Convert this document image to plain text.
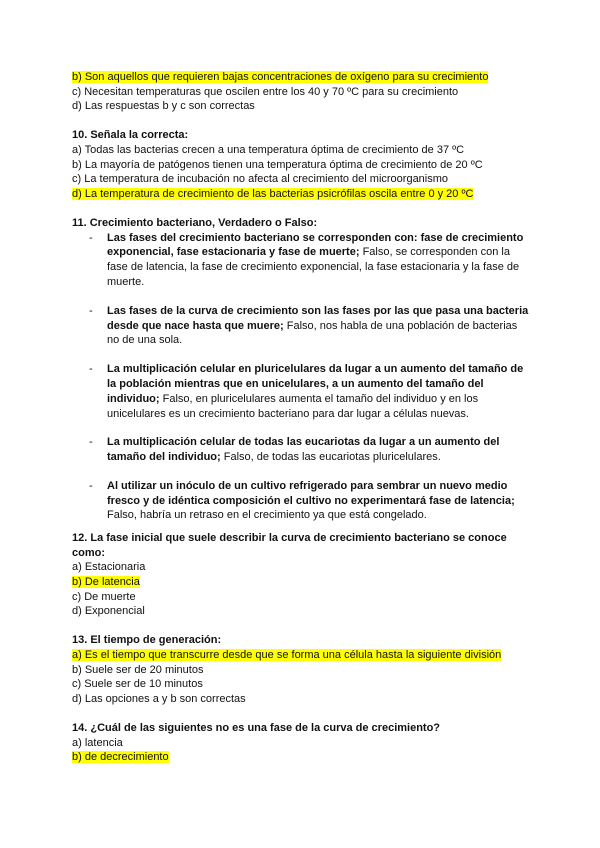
b) Son aquellos que requieren bajas concentraciones de oxígeno para su crecimiento
c) Necesitan temperaturas que oscilen entre los 40 y 70 ºC para su crecimiento
d) Las respuestas b y c son correctas
10. Señala la correcta:
a) Todas las bacterias crecen a una temperatura óptima de crecimiento de 37 ºC
b) La mayoría de patógenos tienen una temperatura óptima de crecimiento de 20 ºC
c) La temperatura de incubación no afecta al crecimiento del microorganismo
d) La temperatura de crecimiento de las bacterias psicrófilas oscila entre 0 y 20 ºC
11. Crecimiento bacteriano, Verdadero o Falso:
- Las fases del crecimiento bacteriano se corresponden con: fase de crecimiento exponencial, fase estacionaria y fase de muerte; Falso, se corresponden con la fase de latencia, la fase de crecimiento exponencial, la fase estacionaria y la fase de muerte.
- Las fases de la curva de crecimiento son las fases por las que pasa una bacteria desde que nace hasta que muere; Falso, nos habla de una población de bacterias no de una sola.
- La multiplicación celular en pluricelulares da lugar a un aumento del tamaño de la población mientras que en unicelulares, a un aumento del tamaño del individuo; Falso, en pluricelulares aumenta el tamaño del individuo y en los unicelulares es un crecimiento bacteriano para dar lugar a células nuevas.
- La multiplicación celular de todas las eucariotas da lugar a un aumento del tamaño del individuo; Falso, de todas las eucariotas pluricelulares.
- Al utilizar un inóculo de un cultivo refrigerado para sembrar un nuevo medio fresco y de idéntica composición el cultivo no experimentará fase de latencia; Falso, habría un retraso en el crecimiento ya que está congelado.
12. La fase inicial que suele describir la curva de crecimiento bacteriano se conoce
como:
a) Estacionaria
b) De latencia
c) De muerte
d) Exponencial
13. El tiempo de generación:
a) Es el tiempo que transcurre desde que se forma una célula hasta la siguiente división
b) Suele ser de 20 minutos
c) Suele ser de 10 minutos
d) Las opciones a y b son correctas
14. ¿Cuál de las siguientes no es una fase de la curva de crecimiento?
a) latencia
b) de decrecimiento
